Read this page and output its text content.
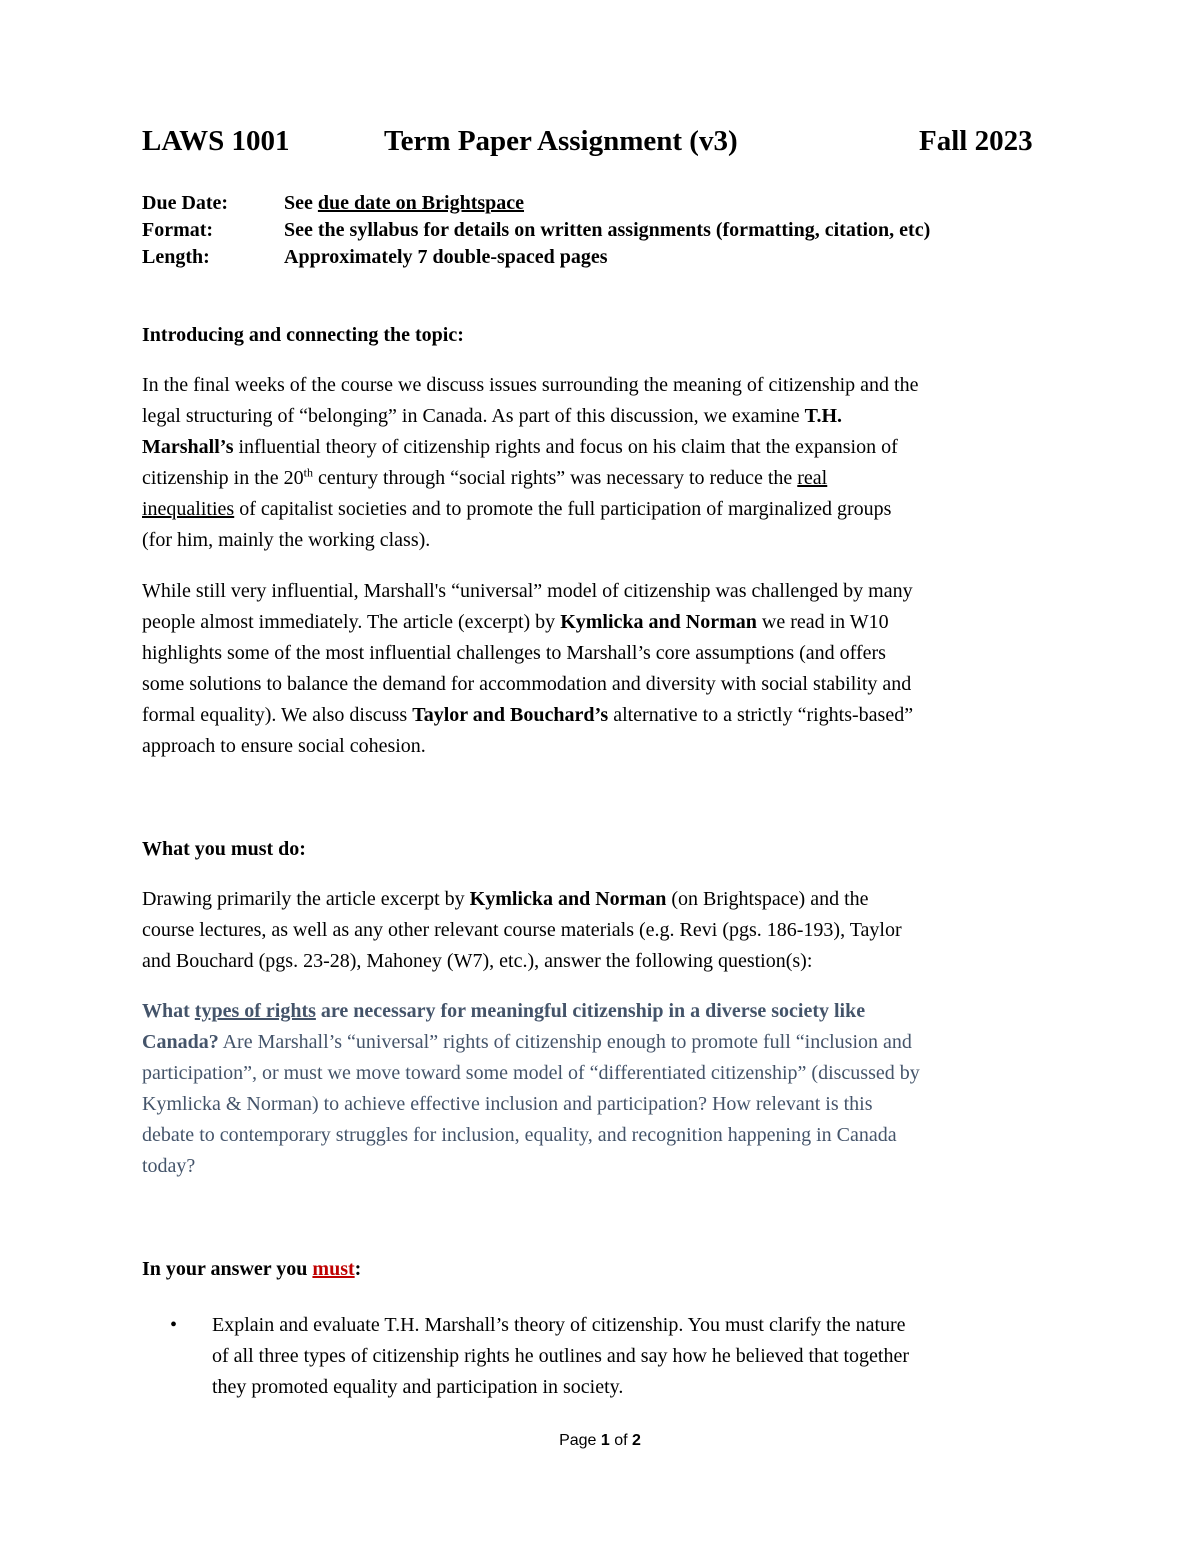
LAWS 1001	Term Paper Assignment (v3)	Fall 2023
Due Date:	See due date on Brightspace
Format:	See the syllabus for details on written assignments (formatting, citation, etc)
Length:	Approximately 7 double-spaced pages
Introducing and connecting the topic:
In the final weeks of the course we discuss issues surrounding the meaning of citizenship and the
legal structuring of “belonging” in Canada. As part of this discussion, we examine T.H.
Marshall’s influential theory of citizenship rights and focus on his claim that the expansion of
citizenship in the 20th century through “social rights” was necessary to reduce the real
inequalities of capitalist societies and to promote the full participation of marginalized groups
(for him, mainly the working class).
While still very influential, Marshall's “universal” model of citizenship was challenged by many
people almost immediately. The article (excerpt) by Kymlicka and Norman we read in W10
highlights some of the most influential challenges to Marshall’s core assumptions (and offers
some solutions to balance the demand for accommodation and diversity with social stability and
formal equality). We also discuss Taylor and Bouchard’s alternative to a strictly “rights-based”
approach to ensure social cohesion.
What you must do:
Drawing primarily the article excerpt by Kymlicka and Norman (on Brightspace) and the
course lectures, as well as any other relevant course materials (e.g. Revi (pgs. 186-193), Taylor
and Bouchard (pgs. 23-28), Mahoney (W7), etc.), answer the following question(s):
What types of rights are necessary for meaningful citizenship in a diverse society like
Canada? Are Marshall’s “universal” rights of citizenship enough to promote full “inclusion and
participation”, or must we move toward some model of “differentiated citizenship” (discussed by
Kymlicka & Norman) to achieve effective inclusion and participation? How relevant is this
debate to contemporary struggles for inclusion, equality, and recognition happening in Canada
today?
In your answer you must:
• Explain and evaluate T.H. Marshall’s theory of citizenship. You must clarify the nature
of all three types of citizenship rights he outlines and say how he believed that together
they promoted equality and participation in society.
Page 1 of 2
